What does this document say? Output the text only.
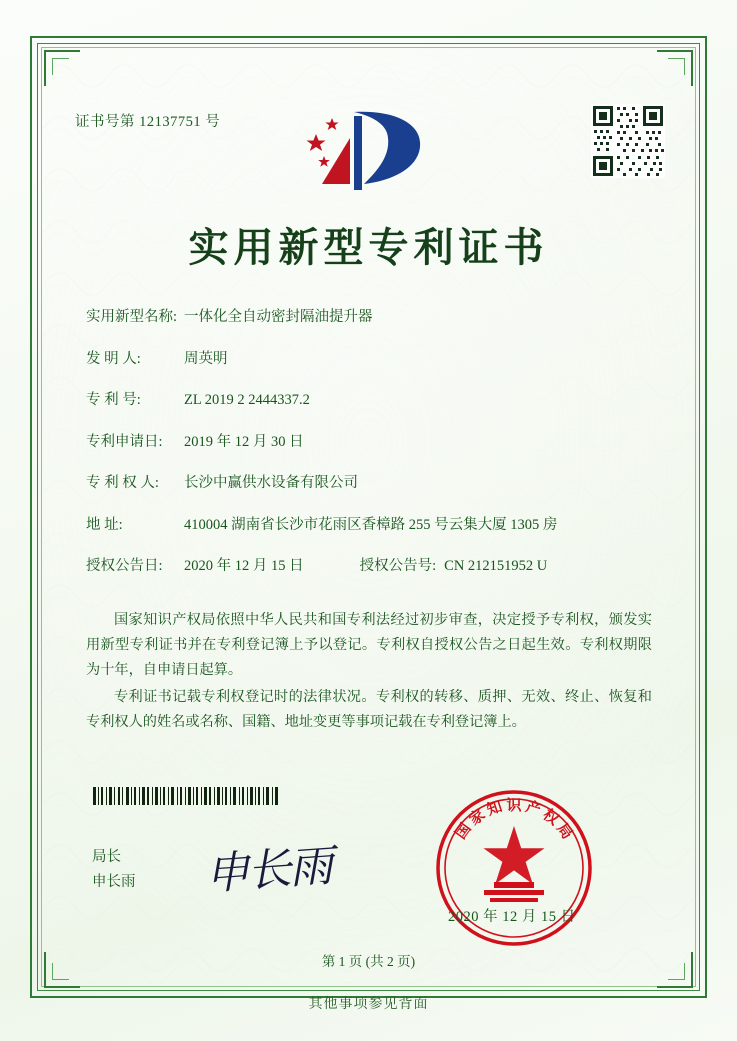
证书号第 12137751 号
实用新型专利证书
实用新型名称: 一体化全自动密封隔油提升器
发 明 人:	周英明
专 利 号:	ZL 2019 2 2444337.2
专利申请日:	2019 年 12 月 30 日
专 利 权 人:	长沙中赢供水设备有限公司
地 址:	410004 湖南省长沙市花雨区香樟路 255 号云集大厦 1305 房
授权公告日:	2020 年 12 月 15 日	授权公告号: CN 212151952 U

国家知识产权局依照中华人民共和国专利法经过初步审查，决定授予专利权，颁发实用新型专利证书并在专利登记簿上予以登记。专利权自授权公告之日起生效。专利权期限为十年，自申请日起算。

专利证书记载专利权登记时的法律状况。专利权的转移、质押、无效、终止、恢复和专利权人的姓名或名称、国籍、地址变更等事项记载在专利登记簿上。

局长
申长雨 申长雨
国
家
知 识 产
权
局
2020 年 12 月 15 日
第 1 页 (共 2 页)
其他事项参见背面
